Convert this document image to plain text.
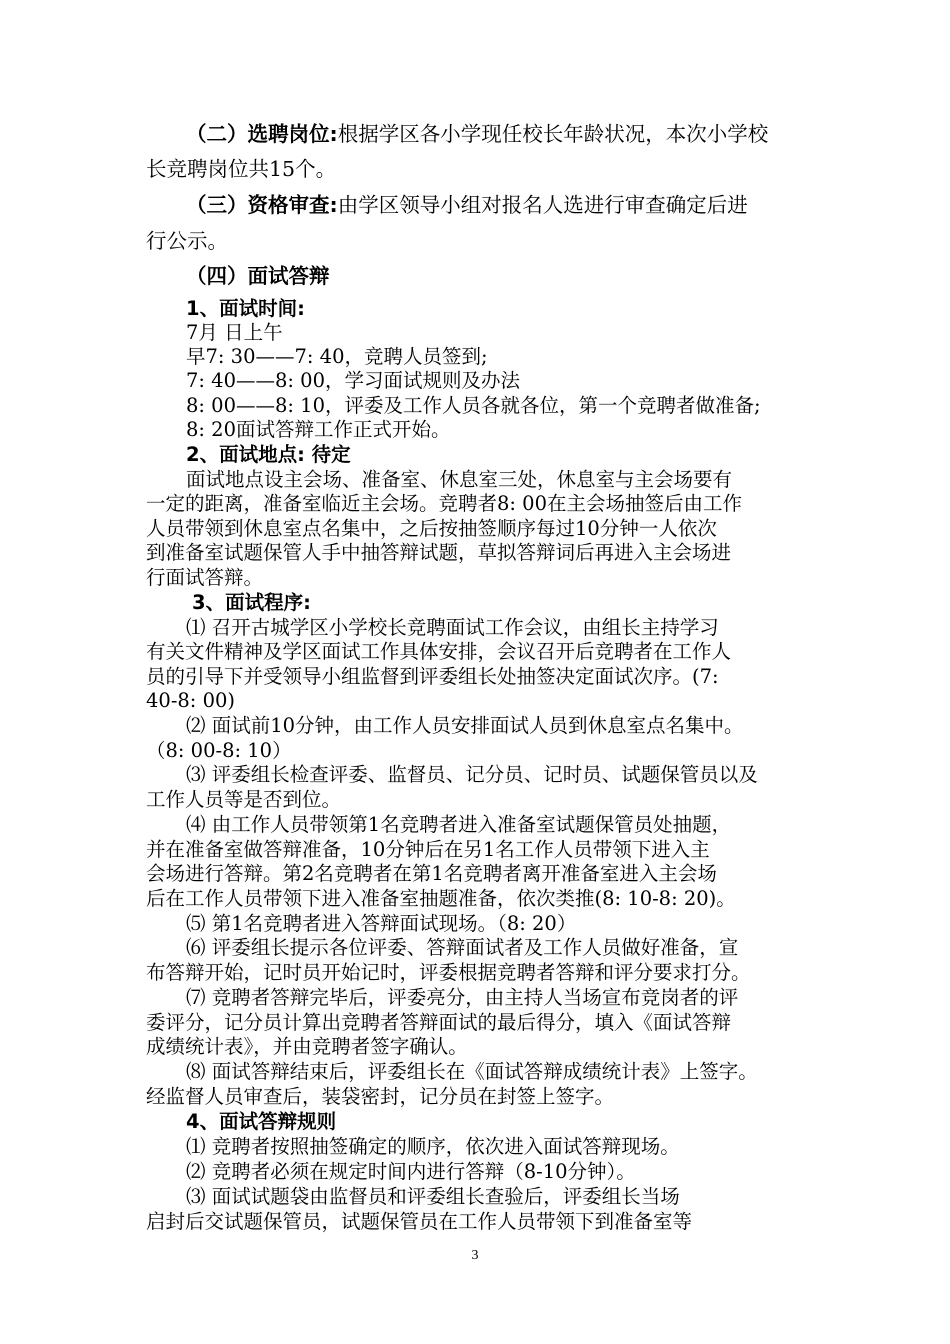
（二）选聘岗位:根据学区各小学现任校长年龄状况，本次小学校
长竞聘岗位共15个。
（三）资格审查:由学区领导小组对报名人选进行审查确定后进
行公示。
（四）面试答辩
1、面试时间:
7月 日上午
早7: 30——7: 40，竞聘人员签到;
7: 40——8: 00，学习面试规则及办法
8: 00——8: 10，评委及工作人员各就各位，第一个竞聘者做准备;
8: 20面试答辩工作正式开始。
2、面试地点: 待定
面试地点设主会场、准备室、休息室三处，休息室与主会场要有
一定的距离，准备室临近主会场。竞聘者8: 00在主会场抽签后由工作
人员带领到休息室点名集中，之后按抽签顺序每过10分钟一人依次
到准备室试题保管人手中抽答辩试题，草拟答辩词后再进入主会场进
行面试答辩。
3、面试程序:
⑴ 召开古城学区小学校长竞聘面试工作会议，由组长主持学习
有关文件精神及学区面试工作具体安排，会议召开后竞聘者在工作人
员的引导下并受领导小组监督到评委组长处抽签决定面试次序。(7:
40-8: 00)
⑵ 面试前10分钟，由工作人员安排面试人员到休息室点名集中。
（8: 00-8: 10）
⑶ 评委组长检查评委、监督员、记分员、记时员、试题保管员以及
工作人员等是否到位。
⑷ 由工作人员带领第1名竞聘者进入准备室试题保管员处抽题，
并在准备室做答辩准备，10分钟后在另1名工作人员带领下进入主
会场进行答辩。第2名竞聘者在第1名竞聘者离开准备室进入主会场
后在工作人员带领下进入准备室抽题准备，依次类推(8: 10-8: 20)。
⑸ 第1名竞聘者进入答辩面试现场。（8: 20）
⑹ 评委组长提示各位评委、答辩面试者及工作人员做好准备，宣
布答辩开始，记时员开始记时，评委根据竞聘者答辩和评分要求打分。
⑺ 竞聘者答辩完毕后，评委亮分，由主持人当场宣布竞岗者的评
委评分，记分员计算出竞聘者答辩面试的最后得分，填入《面试答辩
成绩统计表》，并由竞聘者签字确认。
⑻ 面试答辩结束后，评委组长在《面试答辩成绩统计表》上签字。
经监督人员审查后，装袋密封，记分员在封签上签字。
4、面试答辩规则
⑴ 竞聘者按照抽签确定的顺序，依次进入面试答辩现场。
⑵ 竞聘者必须在规定时间内进行答辩（8-10分钟）。
⑶ 面试试题袋由监督员和评委组长查验后，评委组长当场
启封后交试题保管员，试题保管员在工作人员带领下到准备室等
3
